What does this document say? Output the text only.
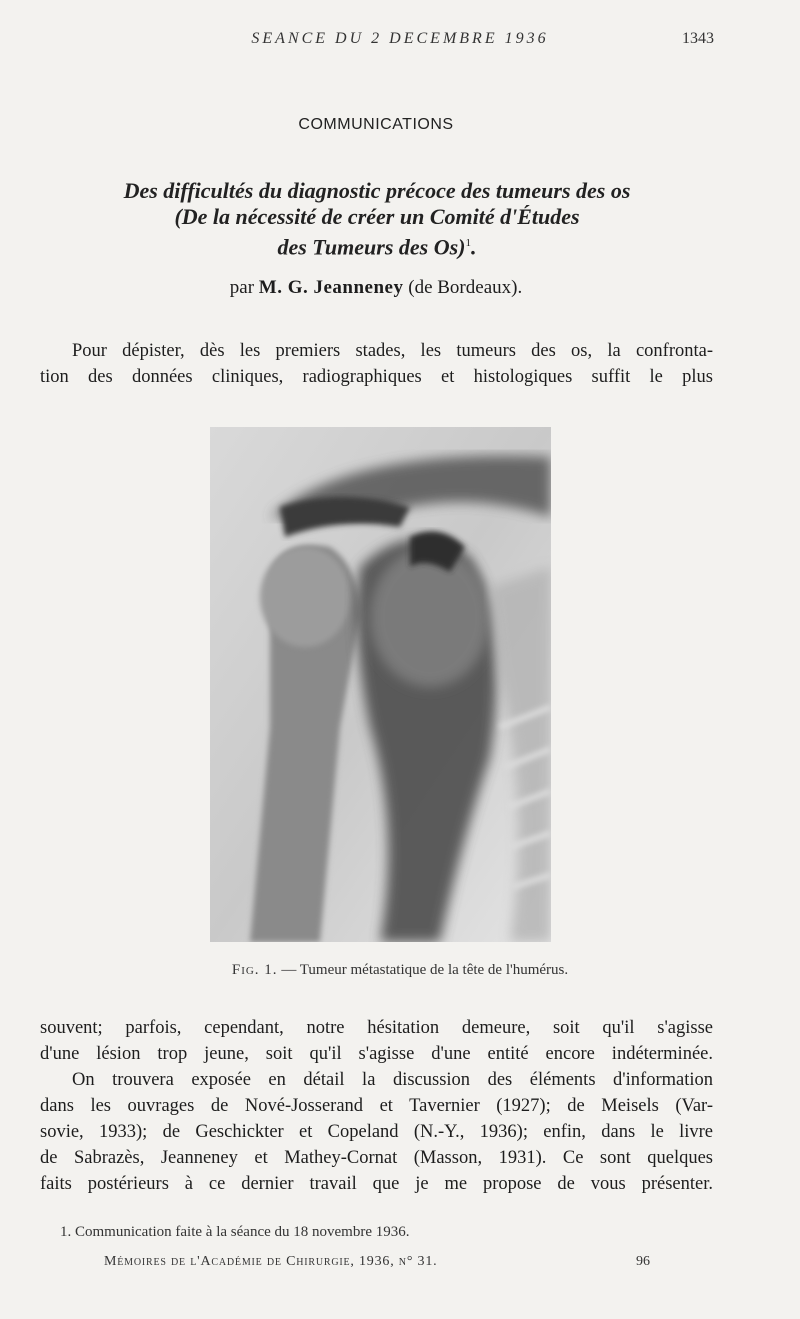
SEANCE DU 2 DECEMBRE 1936	1343
COMMUNICATIONS
Des difficultés du diagnostic précoce des tumeurs des os
(De la nécessité de créer un Comité d'Études
des Tumeurs des Os)$^1$.
par M. G. Jeanneney (de Bordeaux).
Pour dépister, dès les premiers stades, les tumeurs des os, la confronta-
tion des données cliniques, radiographiques et histologiques suffit le plus
Fig. 1. — Tumeur métastatique de la tête de l'humérus.
souvent; parfois, cependant, notre hésitation demeure, soit qu'il s'agisse
d'une lésion trop jeune, soit qu'il s'agisse d'une entité encore indéterminée.
On trouvera exposée en détail la discussion des éléments d'information
dans les ouvrages de Nové-Josserand et Tavernier (1927); de Meisels (Var-
sovie, 1933); de Geschickter et Copeland (N.-Y., 1936); enfin, dans le livre
de Sabrazès, Jeanneney et Mathey-Cornat (Masson, 1931). Ce sont quelques
faits postérieurs à ce dernier travail que je me propose de vous présenter.
1. Communication faite à la séance du 18 novembre 1936.
Mémoires de l'Académie de Chirurgie, 1936, n° 31.	96
